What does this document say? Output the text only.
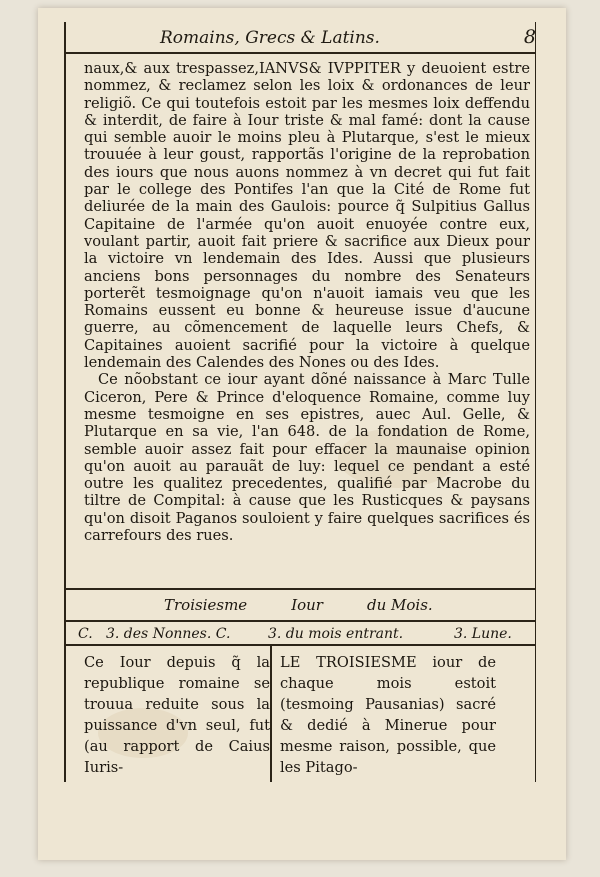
Romains, Grecs & Latins.	8

naux,& aux trespassez,IANVS& IVPPITER y deuoient estre nommez, & reclamez selon les loix & ordonances de leur religiõ. Ce qui toutefois estoit par les mesmes loix deffendu & interdit, de faire à Iour triste & mal famé: dont la cause qui semble auoir le moins pleu à Plutarque, s'est le mieux trouuée à leur goust, rapportãs l'origine de la reprobation des iours que nous auons nommez à vn decret qui fut fait par le college des Pontifes l'an que la Cité de Rome fut deliurée de la main des Gaulois: pource q̃ Sulpitius Gallus Capitaine de l'armée qu'on auoit enuoyée contre eux, voulant partir, auoit fait priere & sacrifice aux Dieux pour la victoire vn lendemain des Ides. Aussi que plusieurs anciens bons personnages du nombre des Senateurs porterẽt tesmoignage qu'on n'auoit iamais veu que les Romains eussent eu bonne & heureuse issue d'aucune guerre, au cõmencement de laquelle leurs Chefs, & Capitaines auoient sacrifié pour la victoire à quelque lendemain des Calendes des Nones ou des Ides.

Ce nõobstant ce iour ayant dõné naissance à Marc Tulle Ciceron, Pere & Prince d'eloquence Romaine, comme luy mesme tesmoigne en ses epistres, auec Aul. Gelle, & Plutarque en sa vie, l'an 648. de la fondation de Rome, semble auoir assez fait pour effacer la maunaise opinion qu'on auoit au parauãt de luy: lequel ce pendant a esté outre les qualitez precedentes, qualifié par Macrobe du tiltre de Compital: à cause que les Rusticques & paysans qu'on disoit Paganos souloient y faire quelques sacrifices és carrefours des rues.

Troisiesme	Iour	du Mois.
C. 3. des Nonnes. C.	3. du mois entrant.	3. Lune.
Ce Iour depuis q̃ la republique romaine se trouua reduite sous la puissance d'vn seul, fut (au rapport de Caius Iuris-
LE TROISIESME iour de chaque mois estoit (tesmoing Pausanias) sacré & dedié à Minerue pour mesme raison, possible, que les Pitago-
